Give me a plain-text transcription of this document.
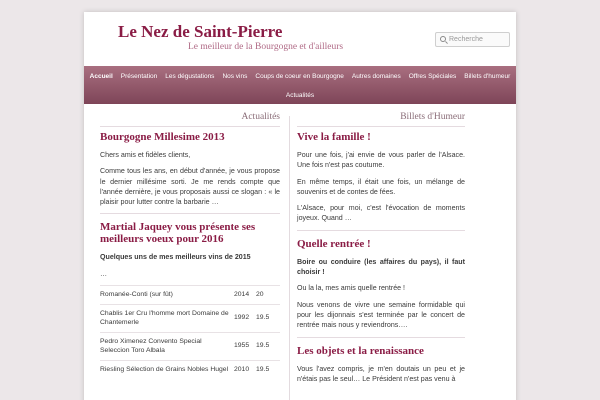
Le Nez de Saint-Pierre
Le meilleur de la Bourgogne et d'ailleurs
Recherche
Accueil	Présentation	Les dégustations	Nos vins	Coups de coeur en Bourgogne	Autres domaines	Offres Spéciales	Billets d'humeur
Actualités
Actualités
Bourgogne Millesime 2013

Chers amis et fidèles clients,

Comme tous les ans, en début d'année, je vous propose le dernier millésime sorti. Je me rends compte que l'année dernière, je vous proposais aussi ce slogan : « le plaisir pour lutter contre la barbarie …

Martial Jaquey vous présente ses meilleurs voeux pour 2016

Quelques uns de mes meilleurs vins de 2015

…

Romanée-Conti (sur fût)	2014	20
Chablis 1er Cru l'homme mort Domaine de Chantemerle	1992	19.5
Pedro Ximenez Convento Special Seleccion Toro Albala	1955	19.5
Riesling Sélection de Grains Nobles Hugel	2010	19.5
Billets d'Humeur
Vive la famille !

Pour une fois, j'ai envie de vous parler de l'Alsace. Une fois n'est pas coutume.

En même temps, il était une fois, un mélange de souvenirs et de contes de fées.

L'Alsace, pour moi, c'est l'évocation de moments joyeux. Quand …

Quelle rentrée !

Boire ou conduire (les affaires du pays), il faut choisir !

Ou la la, mes amis quelle rentrée !

Nous venons de vivre une semaine formidable qui pour les dijonnais s'est terminée par le concert de rentrée mais nous y reviendrons….

Les objets et la renaissance

Vous l'avez compris, je m'en doutais un peu et je n'étais pas le seul… Le Président n'est pas venu à
